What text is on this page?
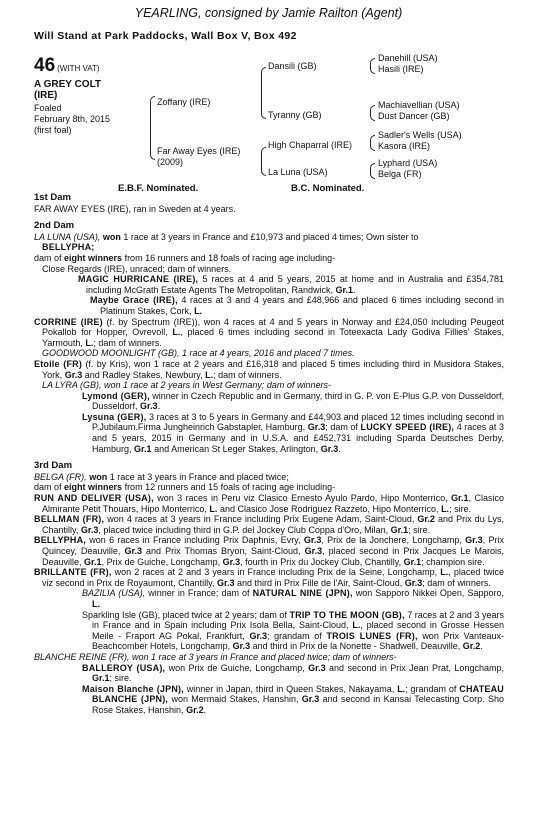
YEARLING, consigned by Jamie Railton (Agent)
Will Stand at Park Paddocks, Wall Box V, Box 492
46 (WITH VAT)
A GREY COLT
(IRE)
Foaled
February 8th, 2015
(first foal)
Zoffany (IRE)
Far Away Eyes (IRE)
(2009)
Dansili (GB)
Tyranny (GB)
High Chaparral (IRE)
La Luna (USA)
Danehill (USA)
Hasili (IRE)
Machiavellian (USA)
Dust Dancer (GB)
Sadler's Wells (USA)
Kasora (IRE)
Lyphard (USA)
Belga (FR)
E.B.F. Nominated.	B.C. Nominated.

1st Dam

FAR AWAY EYES (IRE), ran in Sweden at 4 years.

2nd Dam

LA LUNA (USA), won 1 race at 3 years in France and £10,973 and placed 4 times; Own sister to

BELLYPHA;

dam of eight winners from 16 runners and 18 foals of racing age including-

Close Regards (IRE), unraced; dam of winners.

MAGIC HURRICANE (IRE), 5 races at 4 and 5 years, 2015 at home and in Australia and £354,781 including McGrath Estate Agents The Metropolitan, Randwick, Gr.1.

Maybe Grace (IRE), 4 races at 3 and 4 years and £48,966 and placed 6 times including second in Platinum Stakes, Cork, L.

CORRINE (IRE) (f. by Spectrum (IRE)), won 4 races at 4 and 5 years in Norway and £24,050 including Peugeot Pokallob for Hopper, Ovrevoll, L., placed 6 times including second in Toteexacta Lady Godiva Fillies' Stakes, Yarmouth, L.; dam of winners.

GOODWOOD MOONLIGHT (GB), 1 race at 4 years, 2016 and placed 7 times.

Etoile (FR) (f. by Kris), won 1 race at 2 years and £16,318 and placed 5 times including third in Musidora Stakes, York, Gr.3 and Radley Stakes, Newbury, L.; dam of winners.

LA LYRA (GB), won 1 race at 2 years in West Germany; dam of winners-

Lymond (GER), winner in Czech Republic and in Germany, third in G. P. von E-Plus G.P. von Dusseldorf, Dusseldorf, Gr.3.

Lysuna (GER), 3 races at 3 to 5 years in Germany and £44,903 and placed 12 times including second in P.Jubilaum.Firma Jungheinrich Gabstapler, Hamburg, Gr.3; dam of LUCKY SPEED (IRE), 4 races at 3 and 5 years, 2015 in Germany and in U.S.A. and £452,731 including Sparda Deutsches Derby, Hamburg, Gr.1 and American St Leger Stakes, Arlington, Gr.3.

3rd Dam

BELGA (FR), won 1 race at 3 years in France and placed twice;

dam of eight winners from 12 runners and 15 foals of racing age including-

RUN AND DELIVER (USA), won 3 races in Peru viz Clasico Ernesto Ayulo Pardo, Hipo Monterrico, Gr.1, Clasico Almirante Petit Thouars, Hipo Monterrico, L. and Clasico Jose Rodriguez Razzeto, Hipo Monterrico, L.; sire.

BELLMAN (FR), won 4 races at 3 years in France including Prix Eugene Adam, Saint-Cloud, Gr.2 and Prix du Lys, Chantilly, Gr.3, placed twice including third in G.P. del Jockey Club Coppa d'Oro, Milan, Gr.1; sire.

BELLYPHA, won 6 races in France including Prix Daphnis, Evry, Gr.3, Prix de la Jonchere, Longchamp, Gr.3, Prix Quincey, Deauville, Gr.3 and Prix Thomas Bryon, Saint-Cloud, Gr.3, placed second in Prix Jacques Le Marois, Deauville, Gr.1, Prix de Guiche, Longchamp, Gr.3, fourth in Prix du Jockey Club, Chantilly, Gr.1; champion sire.

BRILLANTE (FR), won 2 races at 2 and 3 years in France including Prix de la Seine, Longchamp, L., placed twice viz second in Prix de Royaumont, Chantilly, Gr.3 and third in Prix Fille de l'Air, Saint-Cloud, Gr.3; dam of winners.

BAZILIA (USA), winner in France; dam of NATURAL NINE (JPN), won Sapporo Nikkei Open, Sapporo, L.

Sparkling Isle (GB), placed twice at 2 years; dam of TRIP TO THE MOON (GB), 7 races at 2 and 3 years in France and in Spain including Prix Isola Bella, Saint-Cloud, L., placed second in Grosse Hessen Meile - Fraport AG Pokal, Frankfurt, Gr.3; grandam of TROIS LUNES (FR), won Prix Vanteaux-Beachcomber Hotels, Longchamp, Gr.3 and third in Prix de la Nonette - Shadwell, Deauville, Gr.2.

BLANCHE REINE (FR), won 1 race at 3 years in France and placed twice; dam of winners-

BALLEROY (USA), won Prix de Guiche, Longchamp, Gr.3 and second in Prix Jean Prat, Longchamp, Gr.1; sire.

Maison Blanche (JPN), winner in Japan, third in Queen Stakes, Nakayama, L.; grandam of CHATEAU BLANCHE (JPN), won Mermaid Stakes, Hanshin, Gr.3 and second in Kansai Telecasting Corp. Sho Rose Stakes, Hanshin, Gr.2.
